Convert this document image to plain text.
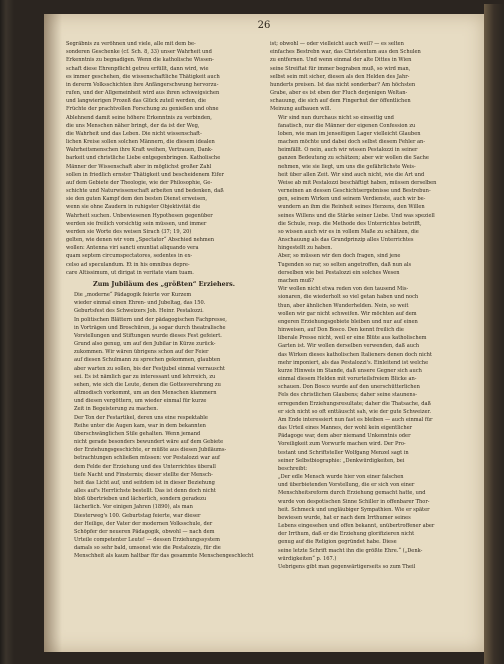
26

Segräbnis zu veröhnen und viele, alle mit dem be-
sonderen Geschenke (cf. Sch. 8, 33) unser Wahrheit und
Erkenntnis zu begnadigen. Wenn die katholische Wissen-
schaft diese Ehrenpflicht getreu erfüllt, dann wird, wie
es immer geschehen, die wissenschaftliche Thätigkeit auch
in dererm Volksschichten ihre Anfängerschwung hervorzu-
rufen, und der Allgemeinheit wird aus ihren schweigsichen
und langwierigen Prozeß das Glück zuteil werden, die
Früchte der prachtvollen Forschung zu genießen und ohne
Ablehnend damit seine höhere Erkenntnis zu verbinden,
die uns Menschen näher bringt, der da ist der Weg,
die Wahrheit und das Leben. Die nicht wissenschaft-
lichen Kreise sollen solchen Männern, die diesem idealen
Wahrheitsmenschen ihre Kraft weihen, Vertrauen, Dank-
barkeit und christliche Liebe entgegenbringen. Katholische
Männer der Wissenschaft aber in möglichst großer Zahl
sollen in friedlich ernster Thätigkeit und bescheidenem Eifer
auf dem Gebiete der Theologie, wie der Philosophie, Ge-
schichte und Naturwissenschaft arbeiten und bedenken, daß
sie den guten Kampf dem den besten Dienst erweisen,
wenn sie ohne Zaudern in ruhigster Objektivität die
Wahrheit suchen. Unbewiesenen Hypothesen gegenüber
werden sie freilich vorsichtig sein müssen, und immer
werden sie Worte des weisen Sirach (37; 19, 20)
gelten, wie denen wir vom „Spectator“ Abschied nehmen
wollen: Antenna viri sancti enuntiat aliquando vera
quam septem circumspectatores, sedentes in ex-
celso ad speculandum. Et in his omnibus depre-
care Altissimum, ut dirigat in veritate viam tuam.

Zum Jubiläum des „größten“ Erziehers.

Die „moderne“ Pädagogik feierte vor Kurzem
wieder einmal einen Ehren- und Jubeltag, das 150.
Geburtsfest des Schweizers Joh. Heinr. Pestalozzi.
In politischen Blättern und der pädagogischen Fachpresse,
in Vorträgen und Broschüren, ja sogar durch theatralische
Vorstellungen und Stiftungen wurde dieses Fest gefeiert.
Grund also genug, um auf den Jubilar in Kürze zurück-
zukommen. Wir wären übrigens schon auf der Feier
auf diesen Schulmann zu sprechen gekommen, glaubten
aber warten zu sollen, bis der Festjubel einmal verrauscht
sei. Es ist nämlich gar zu interessant und lehrreich, zu
sehen, wie sich die Leute, denen die Gottesverehrung zu
altmodisch vorkommt, um an den Menschen klammern
und diesen vergöttern, um wieder einmal für kurze
Zeit in Begeisterung zu machen.

Der Ton der Festartikel, deren uns eine respektable
Reihe unter die Augen kam, war in dem bekannten
überschwänglichen Stile gehalten. Wenn jemand
nicht gerade besonders bewundert wäre auf dem Gebiete
der Erziehungsgeschichte, er müßte aus diesen Jubiläums-
betrachtungen schließen müssen: vor Pestalozzi war auf
dem Felde der Erziehung und des Unterrichtes überall
tiefe Nacht und Finsternis; dieser stellte der Mensch-
heit das Licht auf, und seitdem ist in dieser Beziehung
alles auf's Herrlichste bestellt. Das ist denn doch nicht
bloß übertrieben und lächerlich, sondern geradezu
lächerlich. Vor einigen Jahren (1890), als man
Diesterweg's 100. Geburtstag feierte, war dieser
der Heilige, der Vater der modernen Volksschule, der
Schöpfer der neueren Pädagogik, obwohl — nach dem
Urteile competenter Leute! — dessen Erziehungssystem
damals so sehr bald, umsonst wie die Pestalozzis, für die
Menschheit als kaum haltbar für das gesammte Menschengeschlecht

ist; obwohl — oder vielleicht auch weil? — es selten
einfaches Bestrebn war, das Christentum aus den Schulen
zu entfernen. Und wenn einmal der alte Dittes in Wien
seine Streiftat für immer begraben muß, so wird man,
selbst sein mit sicher, diesen als den Helden des Jahr-
hunderts preisen. Ist das nicht sonderbar? Am höchsten
Grabe, aber es ist eben der Fluch derjenigen Weltan-
schauung, die sich auf dem Fingerhut der öffentlichen
Meinung aufbauen will.

Wir sind nun durchaus nicht so einseitig und
fanatisch, nur die Männer der eigenen Confession zu
loben, wie man im jenseitigen Lager vielleicht Glauben
machen möchte und dabei doch selbst diesem Fehler an-
heimfällt. O nein, auch wir wissen Pestalozzi in seiner
ganzen Bedeutung zu schätzen; aber wir wollen die Sache
nehmen, wie sie liegt, um uns die gefährlichste Weis-
heit über allen Zeit. Wir sind auch nicht, wie die Art und
Weise ab mit Pestalozzi beschäftigt haben, müssen derselben
verneinen an dessen Geschichtsergebnisse und Bestrebun-
gen, seinem Wirken und seinem Verdienste, auch wir be-
wundern an ihm die Reinheit seines Herzens, den Willen
seines Willens und die Stärke seiner Liebe. Und was speziell
die Schule, resp. die Methode des Unterrichtes betrifft,
so wissen auch wir es in vollem Maße zu schätzen, die
Anschauung als das Grundprinzip alles Unterrichtes
hingestellt zu haben.

Aber, so müssen wir den doch fragen, sind jene
Tugenden so rar, so selten angetroffen, daß nun als
derselben wie bei Pestalozzi ein solches Wesen
machen muß?

Wir wollen nicht etwa reden von den tausend Mis-
sionaren, die wiederholt so viel getan haben und noch
thun, aber ähnlichen Wunderhelden. Nein, so weit
wollen wir gar nicht schweifen. Wir möchten auf dem
engeren Erziehungsgebiete bleiben und nur auf einen
hinweisen, auf Don Bosco. Den kennt freilich die
liberale Presse nicht, weil er eine Blüte aus katholischem
Garten ist. Wir wollen derselben verwenden, daß auch
das Wirken dieses katholischen Italieners denen doch nicht
mehr imponiert, als das Pestalozzi's. Einleitend ist welche
kurze Hinweis im Stande, daß unsere Gegner sich auch
einmal diesem Helden mit vorurteilsfreiem Blicke an-
schauen. Don Bosco wurde auf den unerschütterlichen
Fels des christlichen Glaubens; daher seine staunens-
erregenden Erziehungsresultate; daher die Thatsache, daß
er sich nicht so oft enttäuscht sah, wie der gute Schweizer.
Am Ende interessiert nun fast es bleiben — auch einmal für
das Urteil eines Mannes, der wohl kein eigentlicher
Pädagoge war, dem aber niemand Unkenntnis oder
Voreiligkeit zum Vorwurfe machen wird. Der Pro-
testant und Schriftsteller Wolfgang Menzel sagt in
seiner Selbstbiographie: „Denkwürdigkeiten, bei
beschreibt:

„Der edle Mensch wurde hier von einer falschen
und überbietenden Vorstellung, die er sich von einer
Menschheitsreform durch Erziehung gemacht hatte, und
wurde von despotischen Sinne Schiller in offenbarer Thor-
heit. Schmeck und ungläubiger Sympathien. Wie er später
bewiesen wurde, hat er nach dem Irrthumer seines
Lebens eingesehen und offen bekannt, unübertroffener aber
der Irrthum, daß er die Erziehung glorifizieren nicht
genug auf die Religion gegründet habe. Diese
seine letzte Schrift macht ihn die größte Ehre.“ („Denk-
würdigkeiten“ p. 167.)

Uebrigens gibt man gegenwärtigerseits so zum Theil
